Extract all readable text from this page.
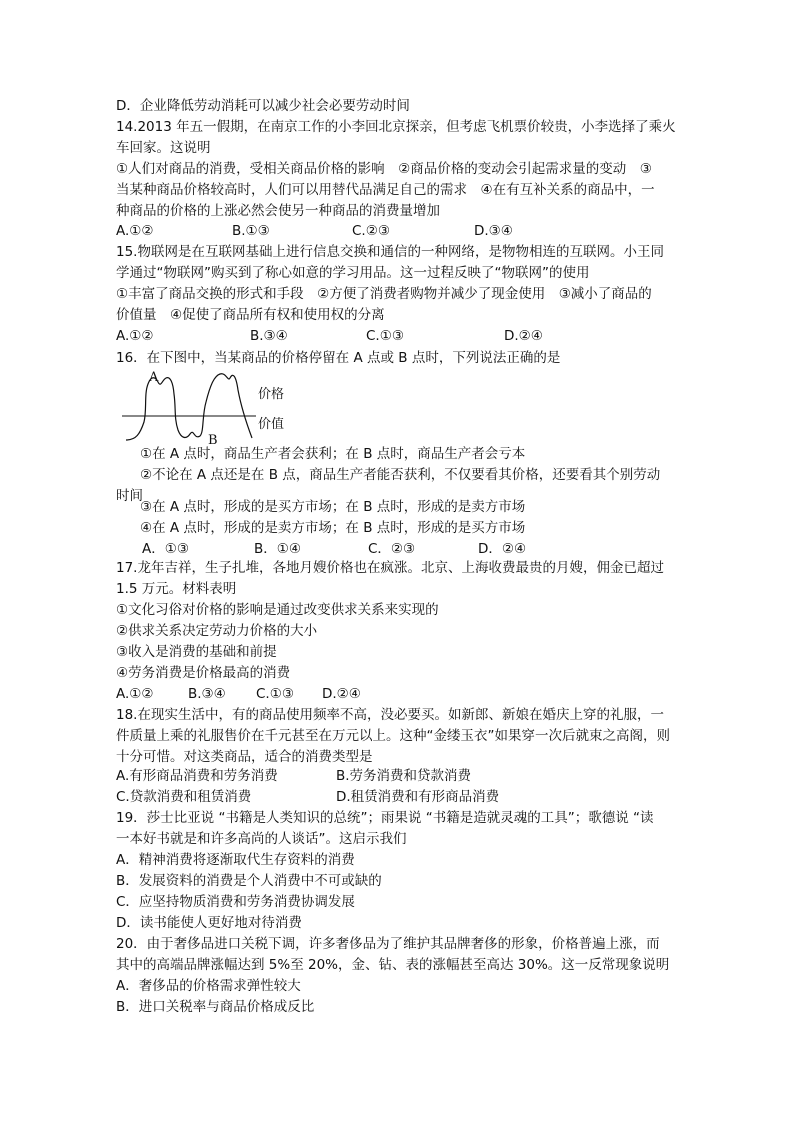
D．企业降低劳动消耗可以减少社会必要劳动时间
14.2013 年五一假期，在南京工作的小李回北京探亲，但考虑飞机票价较贵，小李选择了乘火
车回家。这说明
①人们对商品的消费，受相关商品价格的影响　②商品价格的变动会引起需求量的变动　③
当某种商品价格较高时，人们可以用替代品满足自己的需求　④在有互补关系的商品中，一
种商品的价格的上涨必然会使另一种商品的消费量增加
A.①②	B.①③	C.②③	D.③④
15.物联网是在互联网基础上进行信息交换和通信的一种网络，是物物相连的互联网。小王同
学通过“物联网”购买到了称心如意的学习用品。这一过程反映了“物联网”的使用
①丰富了商品交换的形式和手段　②方便了消费者购物并减少了现金使用　③减小了商品的
价值量　④促使了商品所有权和使用权的分离
A.①②	B.③④	C.①③	D.②④
16．在下图中，当某商品的价格停留在 A 点或 B 点时，下列说法正确的是
A
B
价格
价值
①在 A 点时，商品生产者会获利；在 B 点时，商品生产者会亏本
②不论在 A 点还是在 B 点，商品生产者能否获利，不仅要看其价格，还要看其个别劳动
时间
③在 A 点时，形成的是买方市场；在 B 点时，形成的是卖方市场
④在 A 点时，形成的是卖方市场；在 B 点时，形成的是买方市场
A．①③	B．①④	C．②③	D．②④
17.龙年吉祥，生子扎堆，各地月嫂价格也在疯涨。北京、上海收费最贵的月嫂，佣金已超过
1.5 万元。材料表明
①文化习俗对价格的影响是通过改变供求关系来实现的
②供求关系决定劳动力价格的大小
③收入是消费的基础和前提
④劳务消费是价格最高的消费
A.①②	B.③④ C.①③ D.②④
18.在现实生活中，有的商品使用频率不高，没必要买。如新郎、新娘在婚庆上穿的礼服，一
件质量上乘的礼服售价在千元甚至在万元以上。这种“金缕玉衣”如果穿一次后就束之高阁，则
十分可惜。对这类商品，适合的消费类型是
A.有形商品消费和劳务消费	B.劳务消费和贷款消费
C.贷款消费和租赁消费	D.租赁消费和有形商品消费
19．莎士比亚说 “书籍是人类知识的总统”；雨果说 “书籍是造就灵魂的工具”；歌德说 “读
一本好书就是和许多高尚的人谈话”。这启示我们
A．精神消费将逐渐取代生存资料的消费
B．发展资料的消费是个人消费中不可或缺的
C．应坚持物质消费和劳务消费协调发展
D．读书能使人更好地对待消费
20．由于奢侈品进口关税下调，许多奢侈品为了维护其品牌奢侈的形象，价格普遍上涨，而
其中的高端品牌涨幅达到 5%至 20%，金、钻、表的涨幅甚至高达 30%。这一反常现象说明
A．奢侈品的价格需求弹性较大
B．进口关税率与商品价格成反比
